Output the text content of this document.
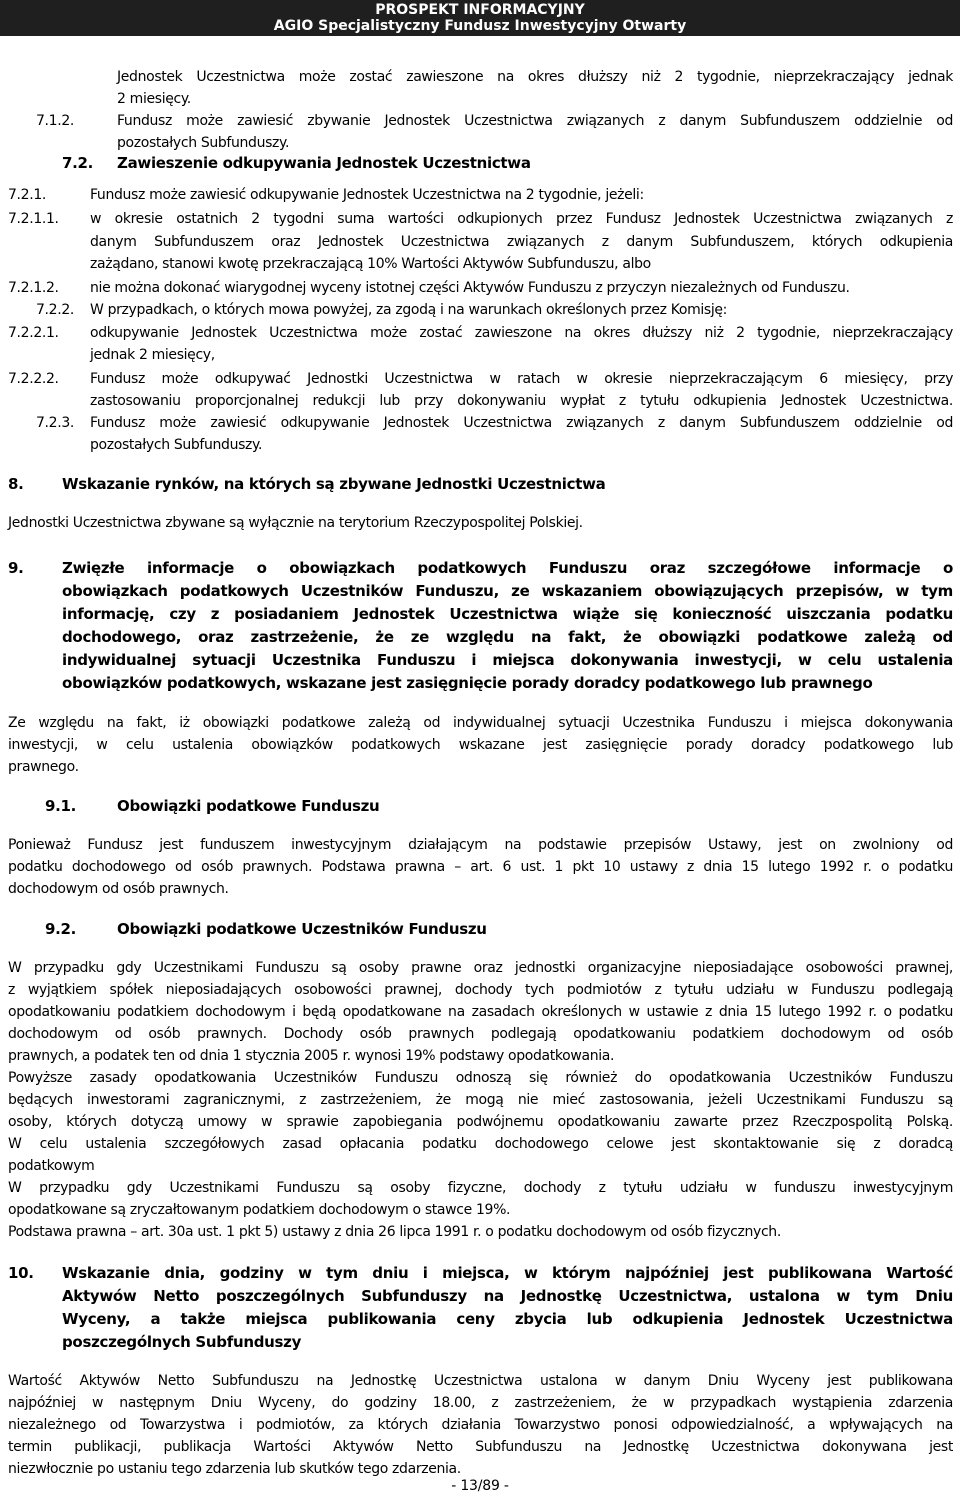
PROSPEKT INFORMACYJNY
AGIO Specjalistyczny Fundusz Inwestycyjny Otwarty
Jednostek Uczestnictwa może zostać zawieszone na okres dłuższy niż 2 tygodnie, nieprzekraczający jednak
2 miesięcy.
7.1.2.	Fundusz może zawiesić zbywanie Jednostek Uczestnictwa związanych z danym Subfunduszem oddzielnie od
pozostałych Subfunduszy.
7.2. Zawieszenie odkupywania Jednostek Uczestnictwa
7.2.1.	Fundusz może zawiesić odkupywanie Jednostek Uczestnictwa na 2 tygodnie, jeżeli:
7.2.1.1. w okresie ostatnich 2 tygodni suma wartości odkupionych przez Fundusz Jednostek Uczestnictwa związanych z
danym Subfunduszem oraz Jednostek Uczestnictwa związanych z danym Subfunduszem, których odkupienia
zażądano, stanowi kwotę przekraczającą 10% Wartości Aktywów Subfunduszu, albo
7.2.1.2. nie można dokonać wiarygodnej wyceny istotnej części Aktywów Funduszu z przyczyn niezależnych od Funduszu.
7.2.2. W przypadkach, o których mowa powyżej, za zgodą i na warunkach określonych przez Komisję:
7.2.2.1. odkupywanie Jednostek Uczestnictwa może zostać zawieszone na okres dłuższy niż 2 tygodnie, nieprzekraczający
jednak 2 miesięcy,
7.2.2.2. Fundusz może odkupywać Jednostki Uczestnictwa w ratach w okresie nieprzekraczającym 6 miesięcy, przy
zastosowaniu proporcjonalnej redukcji lub przy dokonywaniu wypłat z tytułu odkupienia Jednostek Uczestnictwa.
7.2.3. Fundusz może zawiesić odkupywanie Jednostek Uczestnictwa związanych z danym Subfunduszem oddzielnie od
pozostałych Subfunduszy.
8.	Wskazanie rynków, na których są zbywane Jednostki Uczestnictwa
Jednostki Uczestnictwa zbywane są wyłącznie na terytorium Rzeczypospolitej Polskiej.
9.	Zwięzłe informacje o obowiązkach podatkowych Funduszu oraz szczegółowe informacje o
obowiązkach podatkowych Uczestników Funduszu, ze wskazaniem obowiązujących przepisów, w tym
informację, czy z posiadaniem Jednostek Uczestnictwa wiąże się konieczność uiszczania podatku
dochodowego, oraz zastrzeżenie, że ze względu na fakt, że obowiązki podatkowe zależą od
indywidualnej sytuacji Uczestnika Funduszu i miejsca dokonywania inwestycji, w celu ustalenia
obowiązków podatkowych, wskazane jest zasięgnięcie porady doradcy podatkowego lub prawnego
Ze względu na fakt, iż obowiązki podatkowe zależą od indywidualnej sytuacji Uczestnika Funduszu i miejsca dokonywania
inwestycji, w celu ustalenia obowiązków podatkowych wskazane jest zasięgnięcie porady doradcy podatkowego lub
prawnego.
9.1.	Obowiązki podatkowe Funduszu
Ponieważ Fundusz jest funduszem inwestycyjnym działającym na podstawie przepisów Ustawy, jest on zwolniony od
podatku dochodowego od osób prawnych. Podstawa prawna – art. 6 ust. 1 pkt 10 ustawy z dnia 15 lutego 1992 r. o podatku
dochodowym od osób prawnych.
9.2.	Obowiązki podatkowe Uczestników Funduszu
W przypadku gdy Uczestnikami Funduszu są osoby prawne oraz jednostki organizacyjne nieposiadające osobowości prawnej,
z wyjątkiem spółek nieposiadających osobowości prawnej, dochody tych podmiotów z tytułu udziału w Funduszu podlegają
opodatkowaniu podatkiem dochodowym i będą opodatkowane na zasadach określonych w ustawie z dnia 15 lutego 1992 r. o podatku
dochodowym od osób prawnych. Dochody osób prawnych podlegają opodatkowaniu podatkiem dochodowym od osób
prawnych, a podatek ten od dnia 1 stycznia 2005 r. wynosi 19% podstawy opodatkowania.
Powyższe zasady opodatkowania Uczestników Funduszu odnoszą się również do opodatkowania Uczestników Funduszu
będących inwestorami zagranicznymi, z zastrzeżeniem, że mogą nie mieć zastosowania, jeżeli Uczestnikami Funduszu są
osoby, których dotyczą umowy w sprawie zapobiegania podwójnemu opodatkowaniu zawarte przez Rzeczpospolitą Polską.
W celu ustalenia szczegółowych zasad opłacania podatku dochodowego celowe jest skontaktowanie się z doradcą
podatkowym
W przypadku gdy Uczestnikami Funduszu są osoby fizyczne, dochody z tytułu udziału w funduszu inwestycyjnym
opodatkowane są zryczałtowanym podatkiem dochodowym o stawce 19%.
Podstawa prawna – art. 30a ust. 1 pkt 5) ustawy z dnia 26 lipca 1991 r. o podatku dochodowym od osób fizycznych.
10. Wskazanie dnia, godziny w tym dniu i miejsca, w którym najpóźniej jest publikowana Wartość
Aktywów Netto poszczególnych Subfunduszy na Jednostkę Uczestnictwa, ustalona w tym Dniu
Wyceny, a także miejsca publikowania ceny zbycia lub odkupienia Jednostek Uczestnictwa
poszczególnych Subfunduszy
Wartość Aktywów Netto Subfunduszu na Jednostkę Uczestnictwa ustalona w danym Dniu Wyceny jest publikowana
najpóźniej w następnym Dniu Wyceny, do godziny 18.00, z zastrzeżeniem, że w przypadkach wystąpienia zdarzenia
niezależnego od Towarzystwa i podmiotów, za których działania Towarzystwo ponosi odpowiedzialność, a wpływających na
termin publikacji, publikacja Wartości Aktywów Netto Subfunduszu na Jednostkę Uczestnictwa dokonywana jest
niezwłocznie po ustaniu tego zdarzenia lub skutków tego zdarzenia.
- 13/89 -
